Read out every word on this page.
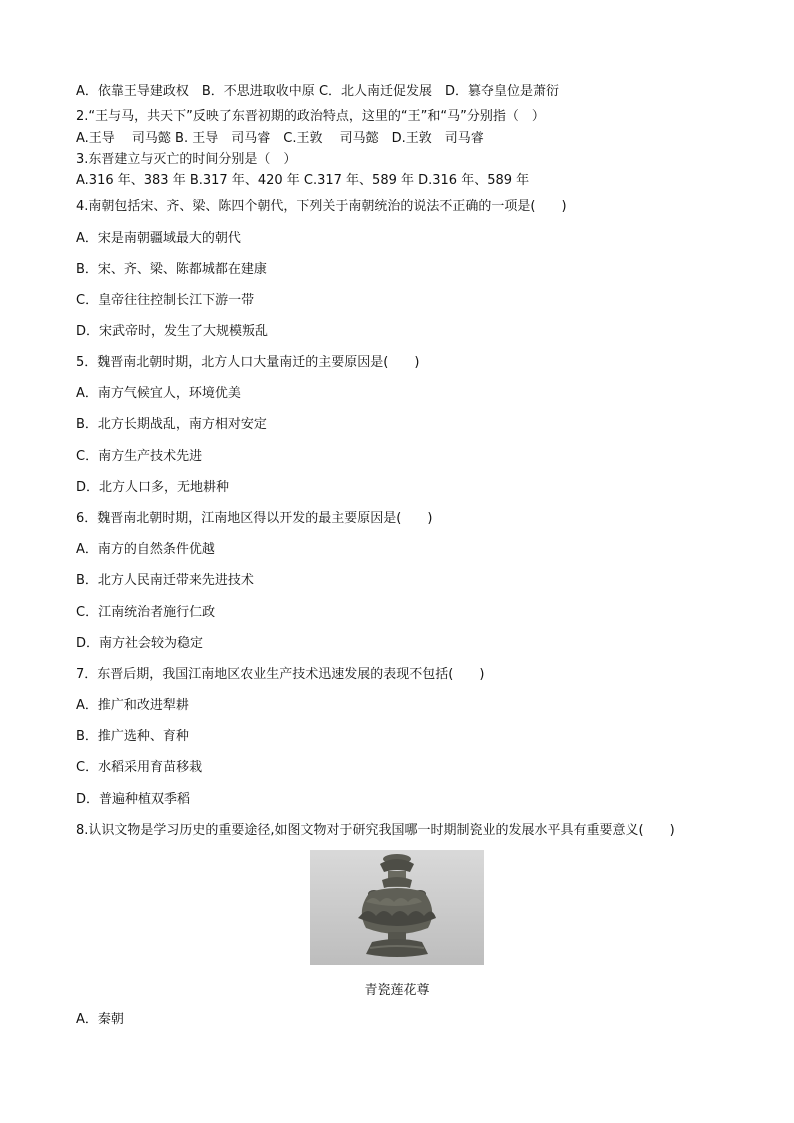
A．依靠王导建政权　B．不思进取收中原 C．北人南迁促发展　D．篡夺皇位是萧衍
2.“王与马，共天下”反映了东晋初期的政治特点，这里的“王”和“马”分别指（　）
A.王导　 司马懿 B. 王导　司马睿　C.王敦　 司马懿　D.王敦　司马睿
3.东晋建立与灭亡的时间分别是（　）
A.316 年、383 年 B.317 年、420 年 C.317 年、589 年 D.316 年、589 年
4.南朝包括宋、齐、梁、陈四个朝代，下列关于南朝统治的说法不正确的一项是(　　)
A．宋是南朝疆域最大的朝代
B．宋、齐、梁、陈都城都在建康
C．皇帝往往控制长江下游一带
D．宋武帝时，发生了大规模叛乱
5．魏晋南北朝时期，北方人口大量南迁的主要原因是(　　)
A．南方气候宜人，环境优美
B．北方长期战乱，南方相对安定
C．南方生产技术先进
D．北方人口多，无地耕种
6．魏晋南北朝时期，江南地区得以开发的最主要原因是(　　)
A．南方的自然条件优越
B．北方人民南迁带来先进技术
C．江南统治者施行仁政
D．南方社会较为稳定
7．东晋后期，我国江南地区农业生产技术迅速发展的表现不包括(　　)
A．推广和改进犁耕
B．推广选种、育种
C．水稻采用育苗移栽
D．普遍种植双季稻
8.认识文物是学习历史的重要途径,如图文物对于研究我国哪一时期制瓷业的发展水平具有重要意义(　　)
青瓷莲花尊
A．秦朝
